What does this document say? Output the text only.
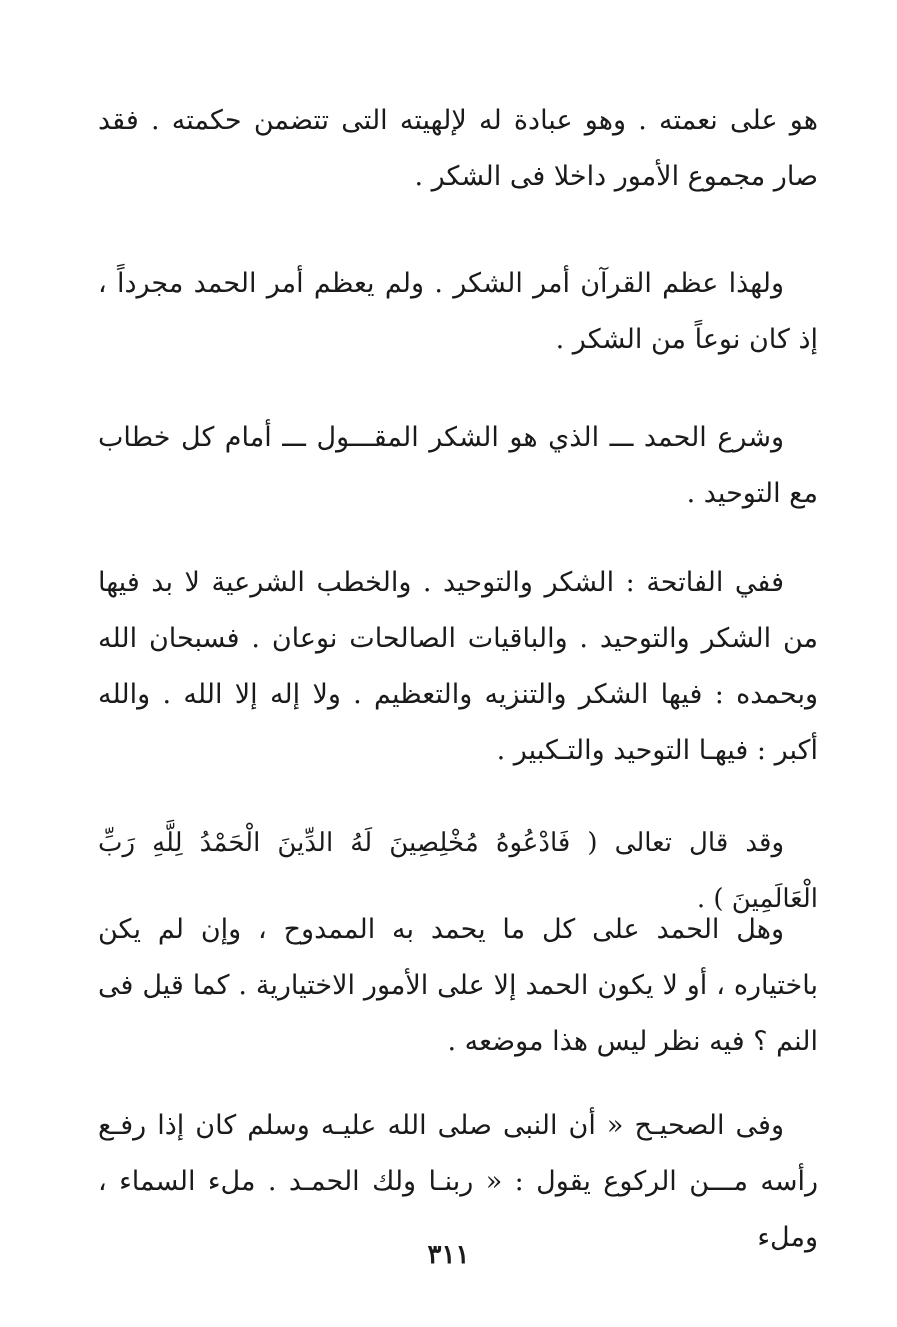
هو على نعمته . وهو عبادة له لإلهيته التى تتضمن حكمته . فقد صار مجموع الأمور داخلا فى الشكر .

ولهذا عظم القرآن أمر الشكر . ولم يعظم أمر الحمد مجرداً ، إذ كان نوعاً من الشكر .

وشرع الحمد ـــ الذي هو الشكر المقـــول ـــ أمام كل خطاب مع التوحيد .

ففي الفاتحة : الشكر والتوحيد . والخطب الشرعية لا بد فيها من الشكر والتوحيد . والباقيات الصالحات نوعان . فسبحان الله وبحمده : فيها الشكر والتنزيه والتعظيم . ولا إله إلا الله . والله أكبر : فيهـا التوحيد والتـكبير .

وقد قال تعالى ( فَادْعُوهُ مُخْلِصِينَ لَهُ الدِّينَ الْحَمْدُ لِلَّهِ رَبِّ الْعَالَمِينَ ) .

وهل الحمد على كل ما يحمد به الممدوح ، وإن لم يكن باختياره ، أو لا يكون الحمد إلا على الأمور الاختيارية . كما قيل فى النم ؟ فيه نظر ليس هذا موضعه .

وفى الصحيـح « أن النبى صلى الله عليـه وسلم كان إذا رفـع رأسه مـــن الركوع يقول : « ربنـا ولك الحمـد . ملء السماء ، وملء

٣١١
